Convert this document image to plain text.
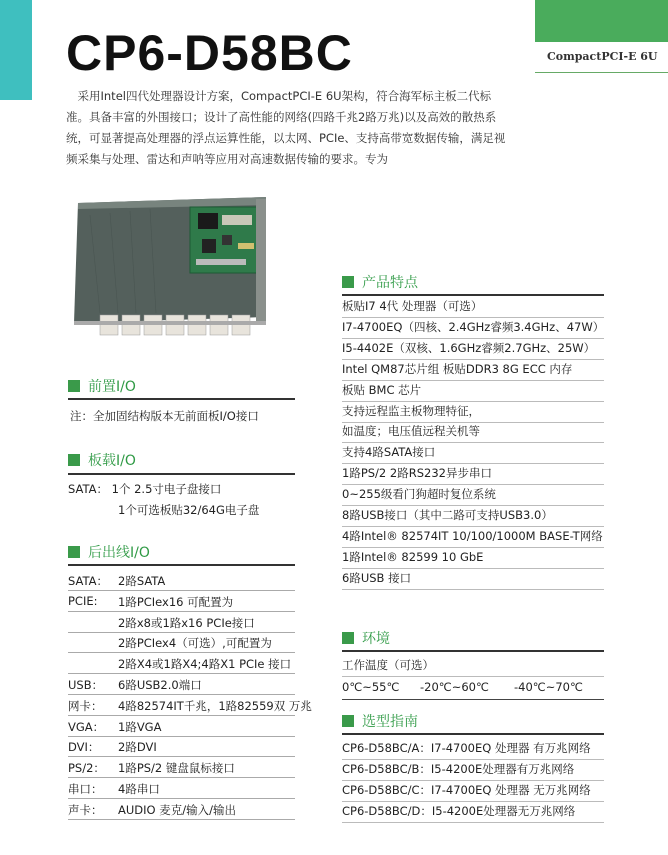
CompactPCI-E 6U
CP6-D58BC
　采用Intel四代处理器设计方案，CompactPCI-E 6U架构，符合海军标主板二代标准。具备丰富的外围接口；设计了高性能的网络(四路千兆2路万兆)以及高效的散热系统，可显著提高处理器的浮点运算性能，以太网、PCIe、支持高带宽数据传输，满足视频采集与处理、雷达和声呐等应用对高速数据传输的要求。专为
前置I/O
注：全加固结构版本无前面板I/O接口
板载I/O
SATA： 1个 2.5寸电子盘接口
1个可选板贴32/64G电子盘
后出线I/O
SATA： 2路SATA
PCIE: 1路PCIex16 可配置为
2路x8或1路x16 PCIe接口
2路PCIex4（可选）,可配置为
2路X4或1路X4;4路X1 PCIe 接口
USB： 6路USB2.0端口
网卡： 4路82574IT千兆，1路82559双 万兆
VGA： 1路VGA
DVI： 2路DVI
PS/2： 1路PS/2 键盘鼠标接口
串口： 4路串口
声卡： AUDIO 麦克/输入/输出
产品特点
板贴I7 4代 处理器（可选）
I7-4700EQ（四核、2.4GHz睿频3.4GHz、47W）
I5-4402E（双核、1.6GHz睿频2.7GHz、25W）
Intel QM87芯片组 板贴DDR3 8G ECC 内存
板贴 BMC 芯片
支持远程监主板物理特征，
如温度；电压值远程关机等
支持4路SATA接口
1路PS/2 2路RS232异步串口
0~255级看门狗超时复位系统
8路USB接口（其中二路可支持USB3.0）
4路Intel® 82574IT 10/100/1000M BASE-T网络
1路Intel® 82599 10 GbE
6路USB 接口
环境
工作温度（可选）
0℃~55℃ -20℃~60℃ -40℃~70℃
选型指南
CP6-D58BC/A：I7-4700EQ 处理器 有万兆网络
CP6-D58BC/B：I5-4200E处理器有万兆网络
CP6-D58BC/C：I7-4700EQ 处理器 无万兆网络
CP6-D58BC/D：I5-4200E处理器无万兆网络
